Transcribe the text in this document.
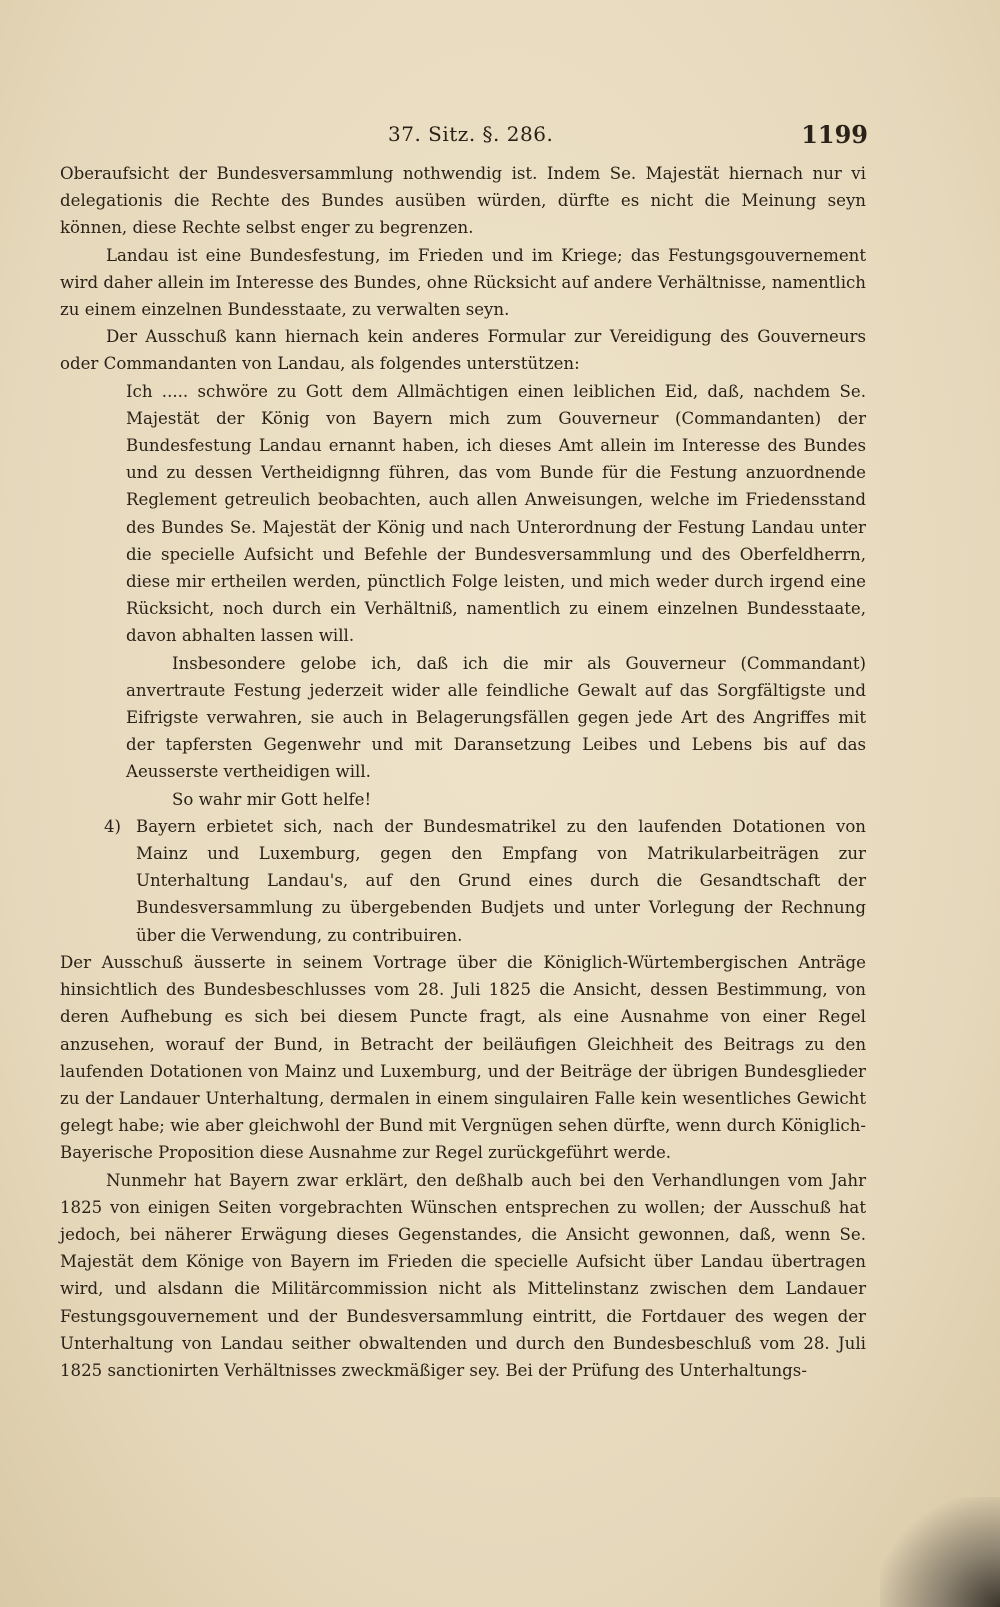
37. Sitz. §. 286.	1199

Oberaufsicht der Bundesversammlung nothwendig ist. Indem Se. Majestät hiernach nur vi delegationis die Rechte des Bundes ausüben würden, dürfte es nicht die Meinung seyn können, diese Rechte selbst enger zu begrenzen.

Landau ist eine Bundesfestung, im Frieden und im Kriege; das Festungsgouvernement wird daher allein im Interesse des Bundes, ohne Rücksicht auf andere Verhältnisse, namentlich zu einem einzelnen Bundesstaate, zu verwalten seyn.

Der Ausschuß kann hiernach kein anderes Formular zur Vereidigung des Gouverneurs oder Commandanten von Landau, als folgendes unterstützen:

Ich ..... schwöre zu Gott dem Allmächtigen einen leiblichen Eid, daß, nachdem Se. Majestät der König von Bayern mich zum Gouverneur (Commandanten) der Bundesfestung Landau ernannt haben, ich dieses Amt allein im Interesse des Bundes und zu dessen Vertheidignng führen, das vom Bunde für die Festung anzuordnende Reglement getreulich beobachten, auch allen Anweisungen, welche im Friedensstand des Bundes Se. Majestät der König und nach Unterordnung der Festung Landau unter die specielle Aufsicht und Befehle der Bundesversammlung und des Oberfeldherrn, diese mir ertheilen werden, pünctlich Folge leisten, und mich weder durch irgend eine Rücksicht, noch durch ein Verhältniß, namentlich zu einem einzelnen Bundesstaate, davon abhalten lassen will.

Insbesondere gelobe ich, daß ich die mir als Gouverneur (Commandant) anvertraute Festung jederzeit wider alle feindliche Gewalt auf das Sorgfältigste und Eifrigste verwahren, sie auch in Belagerungsfällen gegen jede Art des Angriffes mit der tapfersten Gegenwehr und mit Daransetzung Leibes und Lebens bis auf das Aeusserste vertheidigen will.

So wahr mir Gott helfe!

4) Bayern erbietet sich, nach der Bundesmatrikel zu den laufenden Dotationen von Mainz und Luxemburg, gegen den Empfang von Matrikularbeiträgen zur Unterhaltung Landau's, auf den Grund eines durch die Gesandtschaft der Bundesversammlung zu übergebenden Budjets und unter Vorlegung der Rechnung über die Verwendung, zu contribuiren.

Der Ausschuß äusserte in seinem Vortrage über die Königlich-Würtembergischen Anträge hinsichtlich des Bundesbeschlusses vom 28. Juli 1825 die Ansicht, dessen Bestimmung, von deren Aufhebung es sich bei diesem Puncte fragt, als eine Ausnahme von einer Regel anzusehen, worauf der Bund, in Betracht der beiläufigen Gleichheit des Beitrags zu den laufenden Dotationen von Mainz und Luxemburg, und der Beiträge der übrigen Bundesglieder zu der Landauer Unterhaltung, dermalen in einem singulairen Falle kein wesentliches Gewicht gelegt habe; wie aber gleichwohl der Bund mit Vergnügen sehen dürfte, wenn durch Königlich-Bayerische Proposition diese Ausnahme zur Regel zurückgeführt werde.

Nunmehr hat Bayern zwar erklärt, den deßhalb auch bei den Verhandlungen vom Jahr 1825 von einigen Seiten vorgebrachten Wünschen entsprechen zu wollen; der Ausschuß hat jedoch, bei näherer Erwägung dieses Gegenstandes, die Ansicht gewonnen, daß, wenn Se. Majestät dem Könige von Bayern im Frieden die specielle Aufsicht über Landau übertragen wird, und alsdann die Militärcommission nicht als Mittelinstanz zwischen dem Landauer Festungsgouvernement und der Bundesversammlung eintritt, die Fortdauer des wegen der Unterhaltung von Landau seither obwaltenden und durch den Bundesbeschluß vom 28. Juli 1825 sanctionirten Verhältnisses zweckmäßiger sey. Bei der Prüfung des Unterhaltungs-
